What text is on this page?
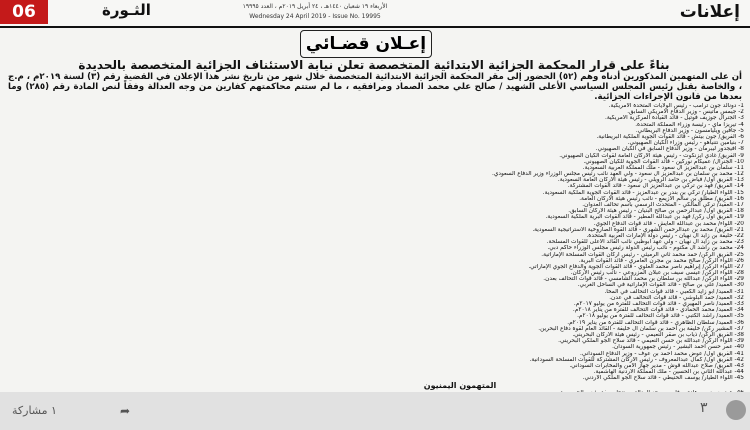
06	الثـورة	الأربعاء ١٩ شعبان ١٤٤٠هـ ، ٢٤ أبريل ٢٠١٩م ، العدد ١٩٩٩٥
Wednesday 24 April 2019 - Issue No. 19995	إعلانات
إعـلان قضـائي
بناءً على قرار المحكمة الجزائية الابتدائية المتخصصة تعلن نيابة الاستئناف الجزائية المتخصصة بالحديدة
أن على المتهمين المذكورين أدناه وهم (٥٢) الحضور إلى مقر المحكمة الجزائية الابتدائية المتخصصة خلال شهر من تاريخ نشر هذا الإعلان في القضية رقم (٣) لسنة ٢٠١٩م ، م.ج ، والخاصة بقتل رئيس المجلس السياسي الأعلى الشهيد / صالح علي محمد الصماد ومرافقيه ، ما لم ستتم محاكمتهم كفارين من وجه العدالة وفقاً لنص المادة رقم (٢٨٥) وما بعدها من قانون الإجراءات الجزائية.
1- دونالد جون ترامب - رئيس الولايات المتحدة الأمريكية.
2- جيمس ماتيس - وزير الدفاع الأمريكي السابق.
3- الجنرال جوزيف فوتيل - قائد القيادة المركزية الأمريكية.
4- تيريزا ماي - رئيسة وزراء المملكة المتحدة.
5- جافين ويليامسون - وزير الدفاع البريطاني.
6- الفريق/ جون بيتش - قائد القوات الجوية الملكية البريطانية.
7- بنيامين نتنياهو - رئيس وزراء الكيان الصهيوني.
8- أفيجدور ليبرمان - وزير الدفاع السابق في الكيان الصهيوني.
9- الفريق/ غادي آيزنكوت - رئيس هيئة الأركان العامة لقوات الكيان الصهيوني.
10- الجنرال/ عميكام نوركين - قائد القوات الجوية للكيان الصهيوني.
11- سلمان بن عبدالعزيز آل سعود - ملك المملكة العربية السعودية.
12- محمد بن سلمان بن عبدالعزيز آل سعود - ولي العهد نائب رئيس مجلس الوزراء وزير الدفاع السعودي.
13- الفريق أول/ فياض بن حامد الرويلي - رئيس هيئة الأركان العامة السعودية.
14- الفريق/ فهد بن تركي بن عبدالعزيز آل سعود - قائد القوات المشتركة.
15- اللواء الطيار/ تركي بن بندر بن عبدالعزيز - قائد القوات الجوية الملكية السعودية.
16- الفريق/ مطلق بن سالم الأزيمع - نائب رئيس هيئة الأركان العامة.
17- العقيد/ تركي المالكي - المتحدث الرسمي باسم تحالف العدوان.
18- الفريق أول/ عبدالرحمن بن صالح البنيان - رئيس هيئة الأركان السابق.
19- الفريق أول ركن/ فهد بن عبدالله المطير - قائد القوات البرية الملكية السعودية.
20- اللواء/ محمد بن عبدالله العايش - قائد قوات الدفاع الجوي.
21- الفريق/ محمد بن عبدالرحمن الشهري - قائد القوة الصاروخية الاستراتيجية السعودية.
22- خليفة بن زايد آل نهيان - رئيس دولة الإمارات العربية المتحدة.
23- محمد بن زايد آل نهيان - ولي عهد أبوظبي نائب القائد الأعلى للقوات المسلحة.
24- محمد بن راشد آل مكتوم - نائب رئيس الدولة رئيس مجلس الوزراء حاكم دبي.
25- الفريق الركن/ حمد محمد ثاني الرميثي - رئيس أركان القوات المسلحة الإماراتية.
26- اللواء الركن/ صالح محمد بن مجرن العامري - قائد القوات البرية.
27- اللواء الركن/ إبراهيم ناصر محمد العلوي - قائد القوات الجوية والدفاع الجوي الإماراتي.
28- اللواء الركن/ عيسى سيف بن عبلان المزروعي - نائب رئيس الأركان.
29- اللواء الركن/ عبدالله بن سلطان بن محمد الشامسي - قائد قوات التحالف بعدن.
30- العميد/ علي بن صالح - قائد القوات الإماراتية في الساحل الغربي.
31- العميد/ أبو زايد الكعبي - قائد قوات التحالف في المخا.
32- العميد/ حمد البلوشي - قائد قوات التحالف في عدن.
33- العميد/ ناصر المهيري - قائد قوات التحالف للفترة من يوليو ٢٠١٧م.
34- العميد/ محمد الحمادي - قائد قوات التحالف للفترة من يناير ٢٠١٨م.
35- العميد/ راشد الكتبي - قائد قوات التحالف للفترة من يوليو ٢٠١٨م.
36- العميد/ سلطان الظاهري - قائد قوات التحالف للفترة من يناير ٢٠١٩م.
37- المشير ركن/ خليفة بن أحمد بن سلمان آل خليفة - القائد العام لقوة دفاع البحرين.
38- الفريق الركن/ ذياب بن صقر النعيمي - رئيس هيئة الأركان البحريني.
39- اللواء الركن/ عبدالله بن حسن النعيمي - قائد سلاح الجو الملكي البحريني.
40- عمر حسن أحمد البشير - رئيس جمهورية السودان.
41- الفريق أول/ عوض محمد أحمد بن عوف - وزير الدفاع السوداني.
42- الفريق أول/ كمال عبدالمعروف - رئيس الأركان المشتركة للقوات المسلحة السودانية.
43- الفريق/ صلاح عبدالله قوش - مدير جهاز الأمن والمخابرات السوداني.
44- عبدالله الثاني بن الحسين - ملك المملكة الأردنية الهاشمية.
45- اللواء الطيار/ يوسف الحنيطي - قائد سلاح الجو الملكي الأردني.
المتهمون اليمنيون
١ مشاركة	➦	٣
